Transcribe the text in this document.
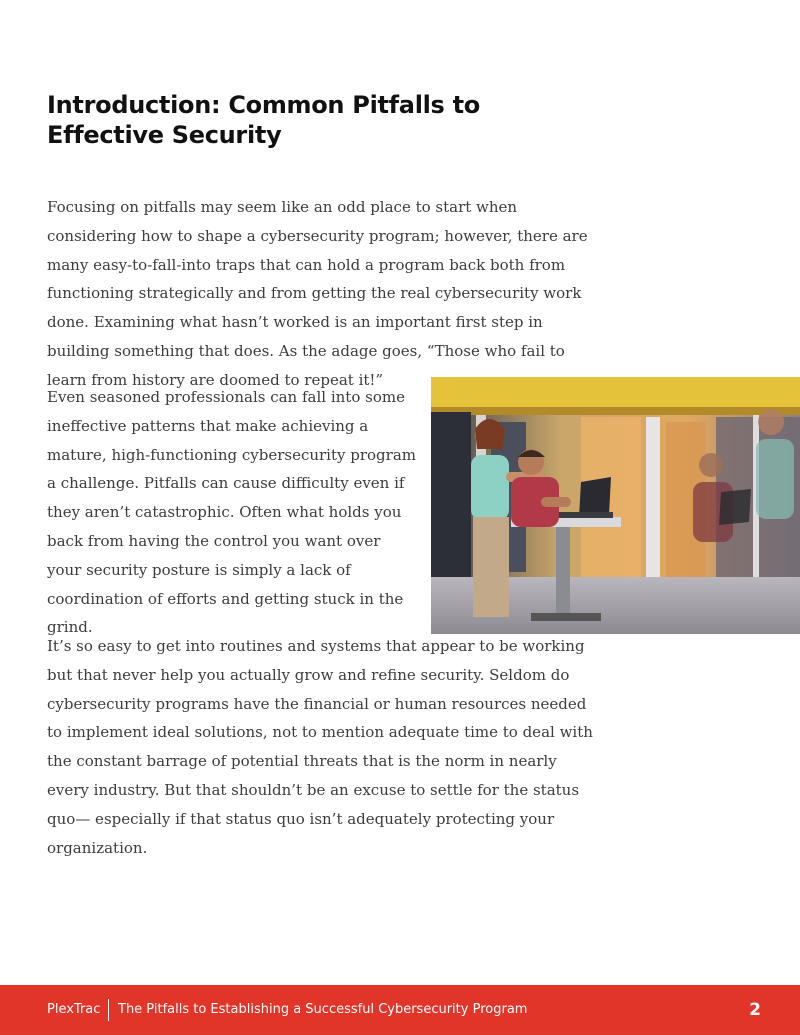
Introduction: Common Pitfalls to Effective Security

Focusing on pitfalls may seem like an odd place to start when considering how to shape a cybersecurity program; however, there are many easy-to-fall-into traps that can hold a program back both from functioning strategically and from getting the real cybersecurity work done. Examining what hasn’t worked is an important first step in building something that does. As the adage goes, “Those who fail to learn from history are doomed to repeat it!”

Even seasoned professionals can fall into some ineffective patterns that make achieving a mature, high-functioning cybersecurity program a challenge. Pitfalls can cause difficulty even if they aren’t catastrophic. Often what holds you back from having the control you want over your security posture is simply a lack of coordination of efforts and getting stuck in the grind.

It’s so easy to get into routines and systems that appear to be working but that never help you actually grow and refine security. Seldom do cybersecurity programs have the financial or human resources needed to implement ideal solutions, not to mention adequate time to deal with the constant barrage of potential threats that is the norm in nearly every industry. But that shouldn’t be an excuse to settle for the status quo— especially if that status quo isn’t adequately protecting your organization.

PlexTrac The Pitfalls to Establishing a Successful Cybersecurity Program	2
